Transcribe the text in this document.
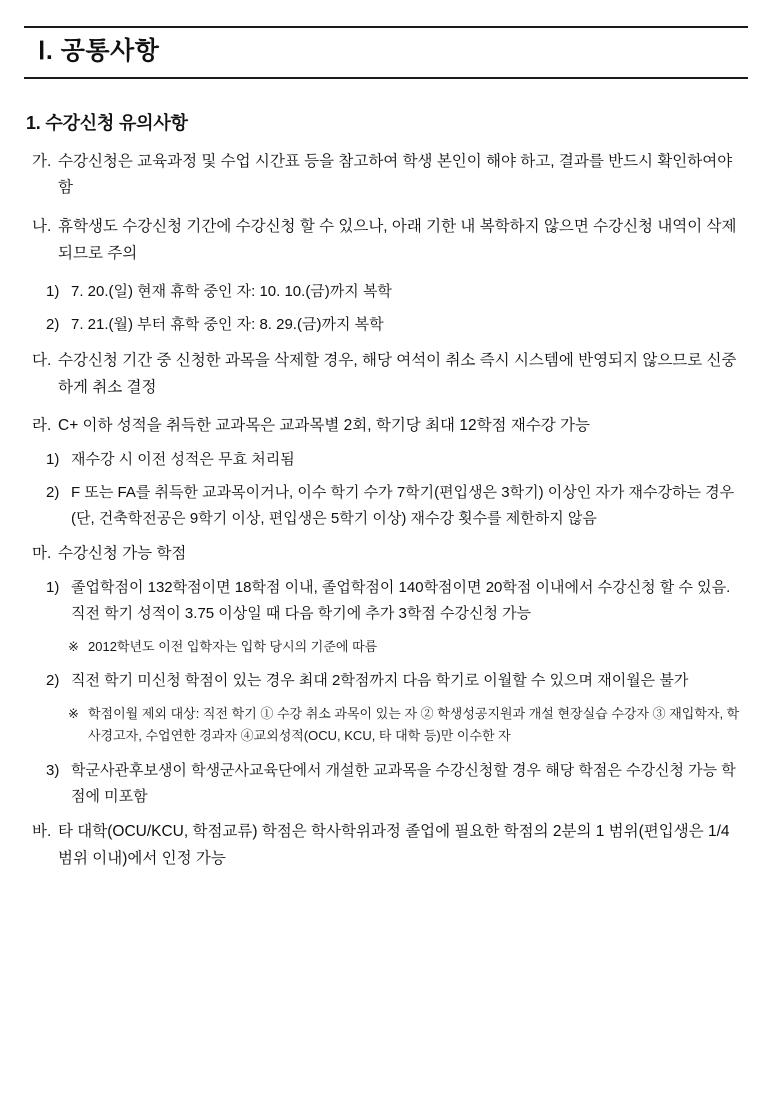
Ⅰ. 공통사항
1. 수강신청 유의사항
가. 수강신청은 교육과정 및 수업 시간표 등을 참고하여 학생 본인이 해야 하고, 결과를 반드시 확인하여야 함
나. 휴학생도 수강신청 기간에 수강신청 할 수 있으나, 아래 기한 내 복학하지 않으면 수강신청 내역이 삭제되므로 주의
1) 7. 20.(일) 현재 휴학 중인 자: 10. 10.(금)까지 복학
2) 7. 21.(월) 부터 휴학 중인 자: 8. 29.(금)까지 복학
다. 수강신청 기간 중 신청한 과목을 삭제할 경우, 해당 여석이 취소 즉시 시스템에 반영되지 않으므로 신중하게 취소 결정
라. C+ 이하 성적을 취득한 교과목은 교과목별 2회, 학기당 최대 12학점 재수강 가능
1) 재수강 시 이전 성적은 무효 처리됨
2) F 또는 FA를 취득한 교과목이거나, 이수 학기 수가 7학기(편입생은 3학기) 이상인 자가 재수강하는 경우(단, 건축학전공은 9학기 이상, 편입생은 5학기 이상) 재수강 횟수를 제한하지 않음
마. 수강신청 가능 학점
1) 졸업학점이 132학점이면 18학점 이내, 졸업학점이 140학점이면 20학점 이내에서 수강신청 할 수 있음. 직전 학기 성적이 3.75 이상일 때 다음 학기에 추가 3학점 수강신청 가능
※ 2012학년도 이전 입학자는 입학 당시의 기준에 따름
2) 직전 학기 미신청 학점이 있는 경우 최대 2학점까지 다음 학기로 이월할 수 있으며 재이월은 불가
※ 학점이월 제외 대상: 직전 학기 ① 수강 취소 과목이 있는 자 ② 학생성공지원과 개설 현장실습 수강자 ③ 재입학자, 학사경고자, 수업연한 경과자 ④교외성적(OCU, KCU, 타 대학 등)만 이수한 자
3) 학군사관후보생이 학생군사교육단에서 개설한 교과목을 수강신청할 경우 해당 학점은 수강신청 가능 학점에 미포함
바. 타 대학(OCU/KCU, 학점교류) 학점은 학사학위과정 졸업에 필요한 학점의 2분의 1 범위(편입생은 1/4 범위 이내)에서 인정 가능
